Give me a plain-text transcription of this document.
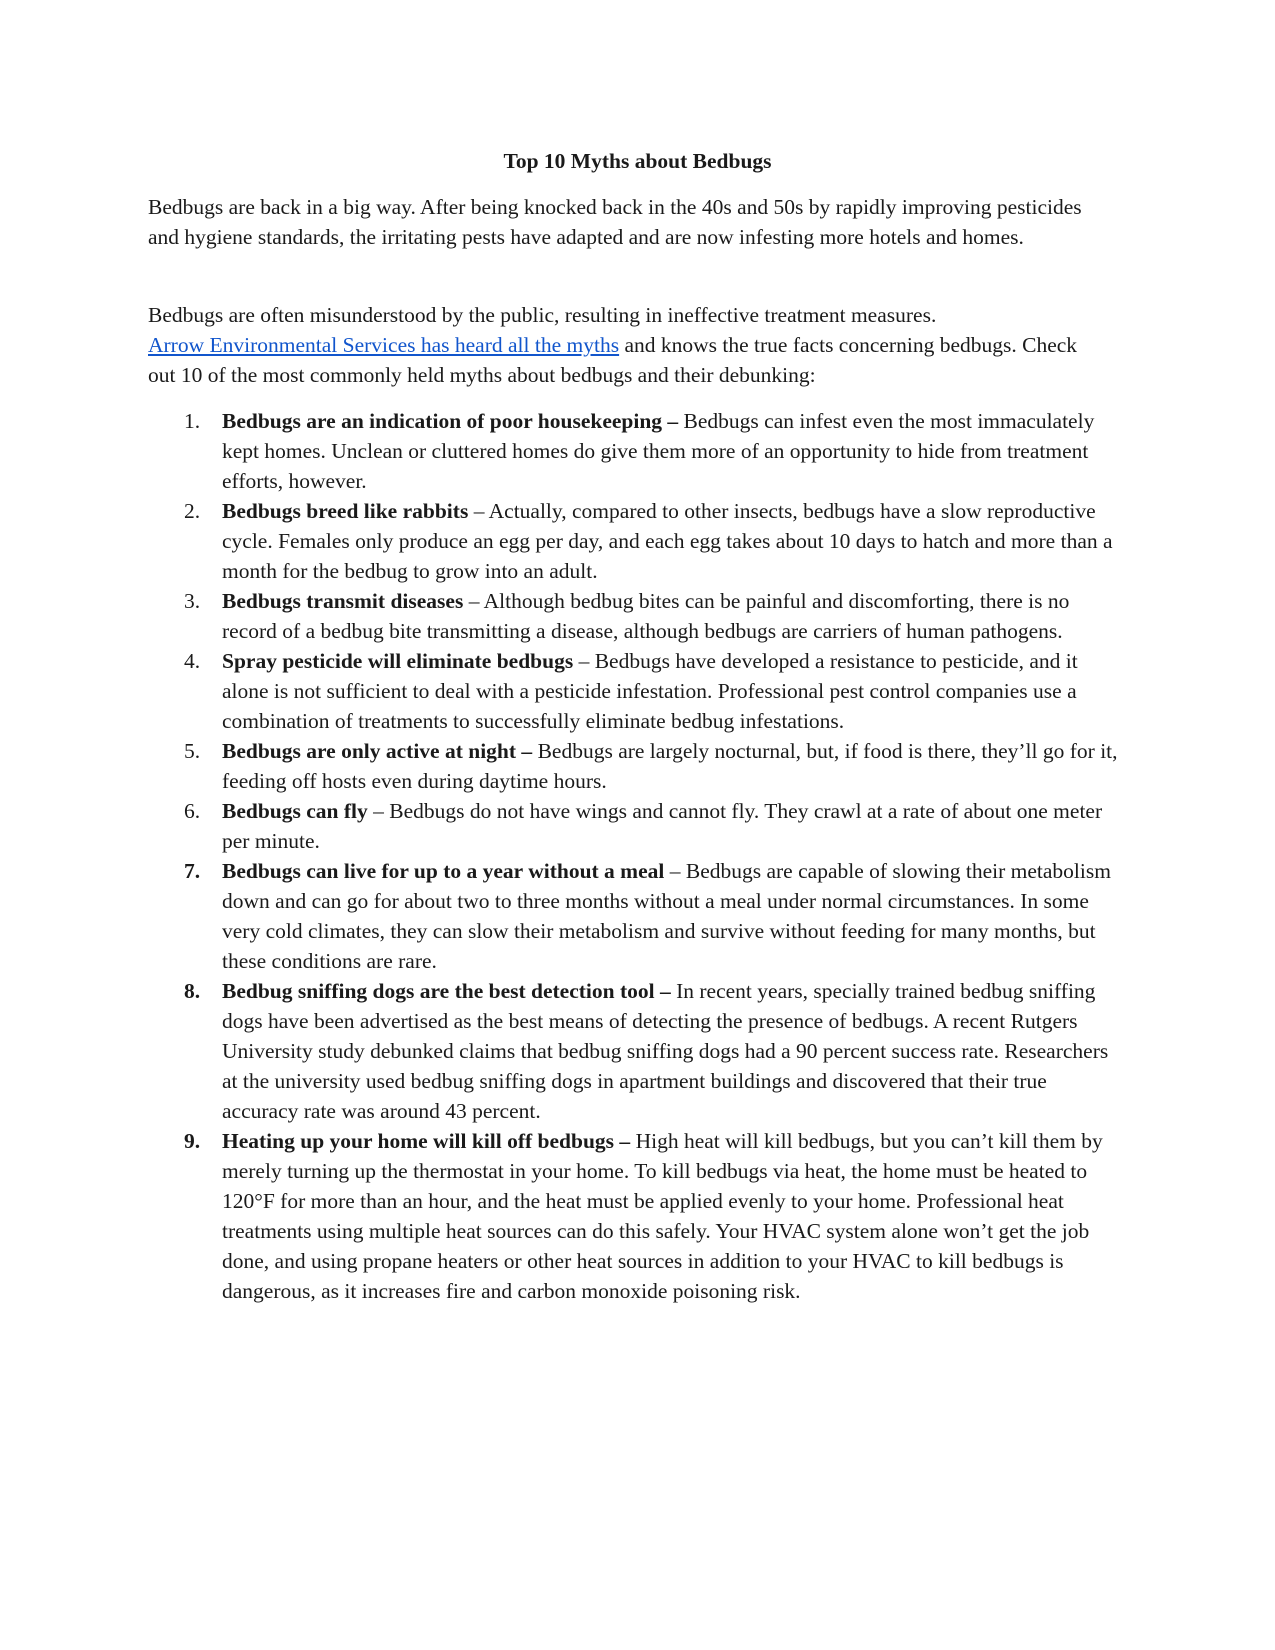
Top 10 Myths about Bedbugs

Bedbugs are back in a big way. After being knocked back in the 40s and 50s by rapidly improving pesticides and hygiene standards, the irritating pests have adapted and are now infesting more hotels and homes.

Bedbugs are often misunderstood by the public, resulting in ineffective treatment measures.
Arrow Environmental Services has heard all the myths and knows the true facts concerning bedbugs. Check out 10 of the most commonly held myths about bedbugs and their debunking:

1. Bedbugs are an indication of poor housekeeping – Bedbugs can infest even the most immaculately kept homes. Unclean or cluttered homes do give them more of an opportunity to hide from treatment efforts, however.
2. Bedbugs breed like rabbits – Actually, compared to other insects, bedbugs have a slow reproductive cycle. Females only produce an egg per day, and each egg takes about 10 days to hatch and more than a month for the bedbug to grow into an adult.
3. Bedbugs transmit diseases – Although bedbug bites can be painful and discomforting, there is no record of a bedbug bite transmitting a disease, although bedbugs are carriers of human pathogens.
4. Spray pesticide will eliminate bedbugs – Bedbugs have developed a resistance to pesticide, and it alone is not sufficient to deal with a pesticide infestation. Professional pest control companies use a combination of treatments to successfully eliminate bedbug infestations.
5. Bedbugs are only active at night – Bedbugs are largely nocturnal, but, if food is there, they’ll go for it, feeding off hosts even during daytime hours.
6. Bedbugs can fly – Bedbugs do not have wings and cannot fly. They crawl at a rate of about one meter per minute.
7. Bedbugs can live for up to a year without a meal – Bedbugs are capable of slowing their metabolism down and can go for about two to three months without a meal under normal circumstances. In some very cold climates, they can slow their metabolism and survive without feeding for many months, but these conditions are rare.
8. Bedbug sniffing dogs are the best detection tool – In recent years, specially trained bedbug sniffing dogs have been advertised as the best means of detecting the presence of bedbugs. A recent Rutgers University study debunked claims that bedbug sniffing dogs had a 90 percent success rate. Researchers at the university used bedbug sniffing dogs in apartment buildings and discovered that their true accuracy rate was around 43 percent.
9. Heating up your home will kill off bedbugs – High heat will kill bedbugs, but you can’t kill them by merely turning up the thermostat in your home. To kill bedbugs via heat, the home must be heated to 120°F for more than an hour, and the heat must be applied evenly to your home. Professional heat treatments using multiple heat sources can do this safely. Your HVAC system alone won’t get the job done, and using propane heaters or other heat sources in addition to your HVAC to kill bedbugs is dangerous, as it increases fire and carbon monoxide poisoning risk.
